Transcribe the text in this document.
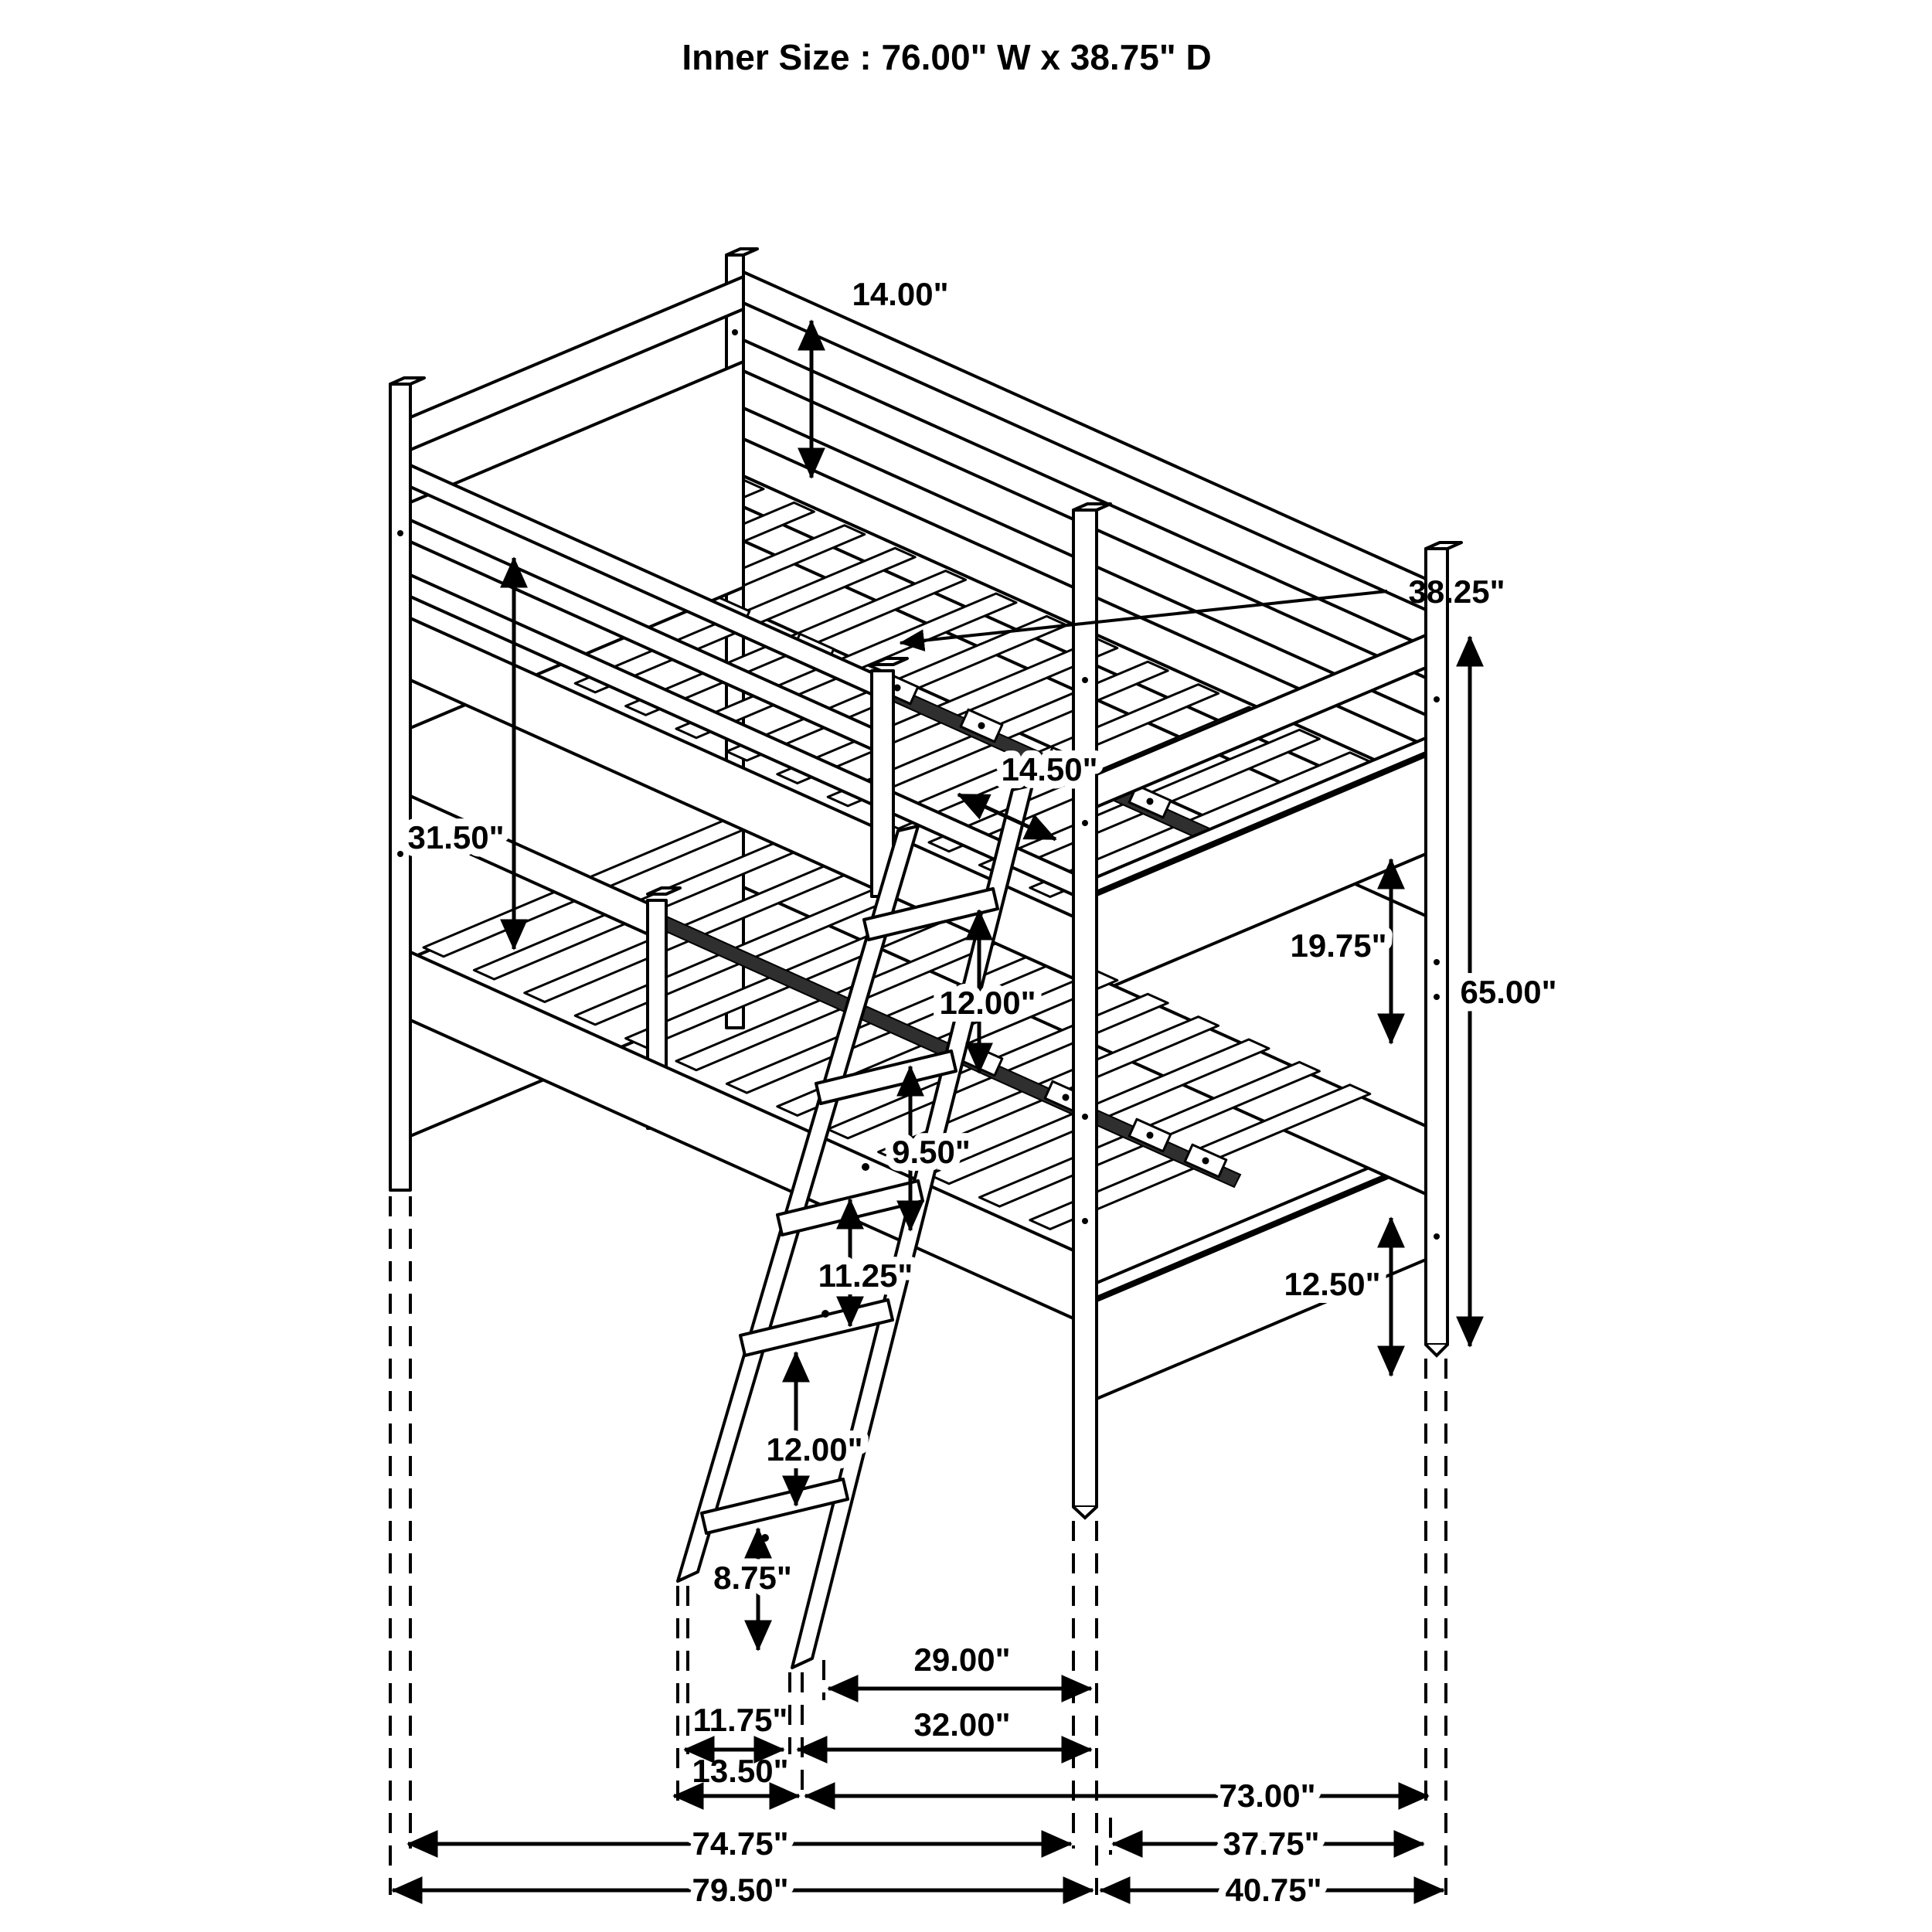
14.00"
38.25"
31.50"
14.50"
19.75"
65.00"
12.00"
9.50"
11.25"
12.00"
8.75"
12.50"
29.00"
11.75"	32.00"
13.50"
73.00"
74.75"	37.75"
79.50"	40.75"
Inner Size : 76.00" W x 38.75" D
